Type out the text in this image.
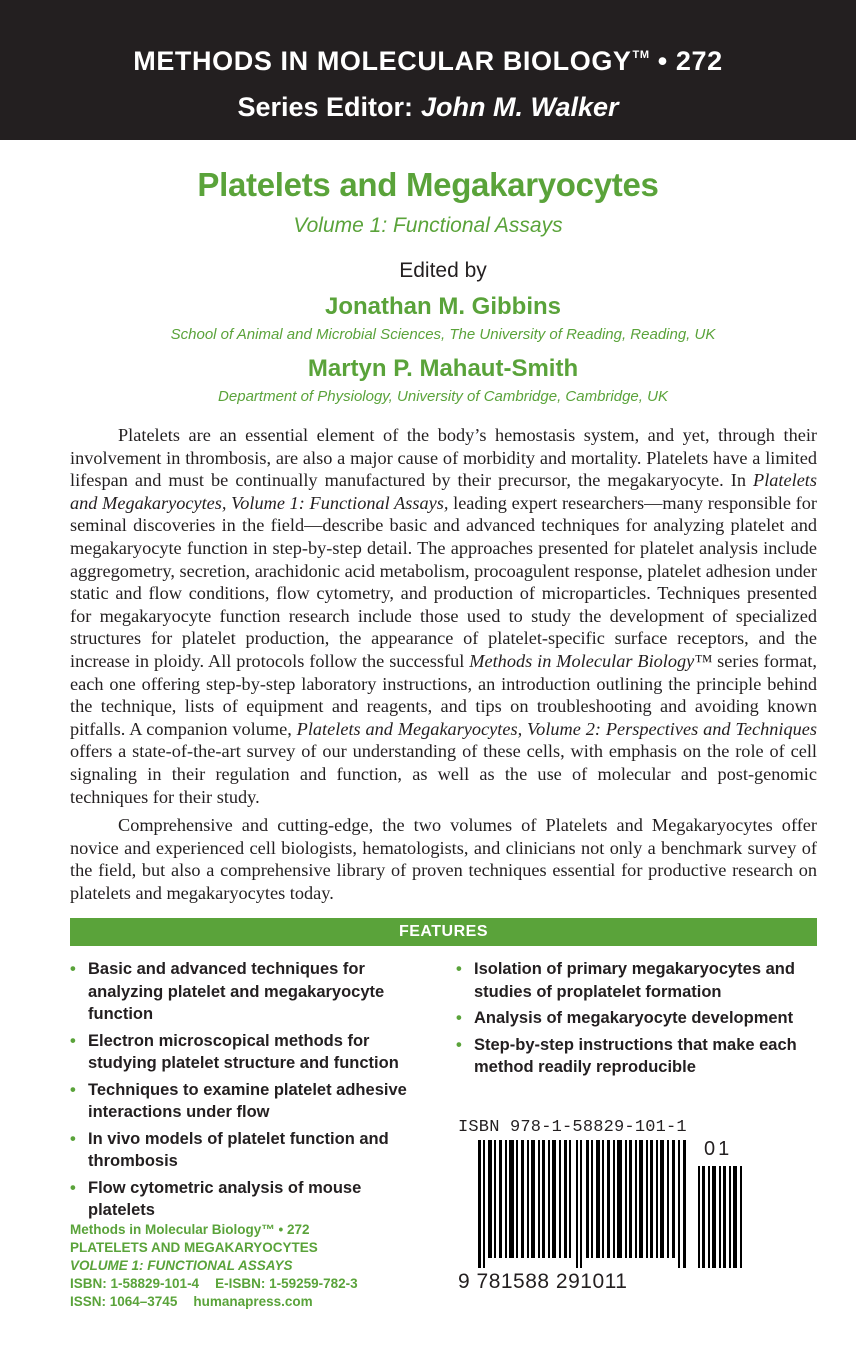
METHODS IN MOLECULAR BIOLOGY™ • 272
Series Editor: John M. Walker
Platelets and Megakaryocytes
Volume 1: Functional Assays
Edited by
Jonathan M. Gibbins
School of Animal and Microbial Sciences, The University of Reading, Reading, UK
Martyn P. Mahaut-Smith
Department of Physiology, University of Cambridge, Cambridge, UK

Platelets are an essential element of the body’s hemostasis system, and yet, through their involvement in thrombosis, are also a major cause of morbidity and mortality. Platelets have a limited lifespan and must be continually manufactured by their precursor, the megakaryocyte. In Platelets and Megakaryocytes, Volume 1: Functional Assays, leading expert researchers—many responsible for seminal discoveries in the field—describe basic and advanced techniques for analyzing platelet and megakaryocyte function in step-by-step detail. The approaches presented for platelet analysis include aggregometry, secretion, arachidonic acid metabolism, procoagulent response, platelet adhesion under static and flow conditions, flow cytometry, and production of microparticles. Techniques presented for megakaryocyte function research include those used to study the development of specialized structures for platelet production, the appearance of platelet-specific surface receptors, and the increase in ploidy. All protocols follow the successful Methods in Molecular Biology™ series format, each one offering step-by-step laboratory instructions, an introduction outlining the principle behind the technique, lists of equipment and reagents, and tips on troubleshooting and avoiding known pitfalls. A companion volume, Platelets and Megakaryocytes, Volume 2: Perspectives and Techniques offers a state-of-the-art survey of our understanding of these cells, with emphasis on the role of cell signaling in their regulation and function, as well as the use of molecular and post-genomic techniques for their study.

Comprehensive and cutting-edge, the two volumes of Platelets and Megakaryocytes offer novice and experienced cell biologists, hematologists, and clinicians not only a benchmark survey of the field, but also a comprehensive library of proven techniques essential for productive research on platelets and megakaryocytes today.

FEATURES
• Basic and advanced techniques for analyzing platelet and megakaryocyte function
• Electron microscopical methods for studying platelet structure and function
• Techniques to examine platelet adhesive interactions under flow
• In vivo models of platelet function and thrombosis
• Flow cytometric analysis of mouse platelets
• Isolation of primary megakaryocytes and studies of proplatelet formation
• Analysis of megakaryocyte development
• Step-by-step instructions that make each method readily reproducible
ISBN 978-1-58829-101-1
01
9 781588 291011
Methods in Molecular Biology™ • 272
PLATELETS AND MEGAKARYOCYTES
VOLUME 1: FUNCTIONAL ASSAYS
ISBN: 1-58829-101-4 E-ISBN: 1-59259-782-3
ISSN: 1064–3745 humanapress.com
